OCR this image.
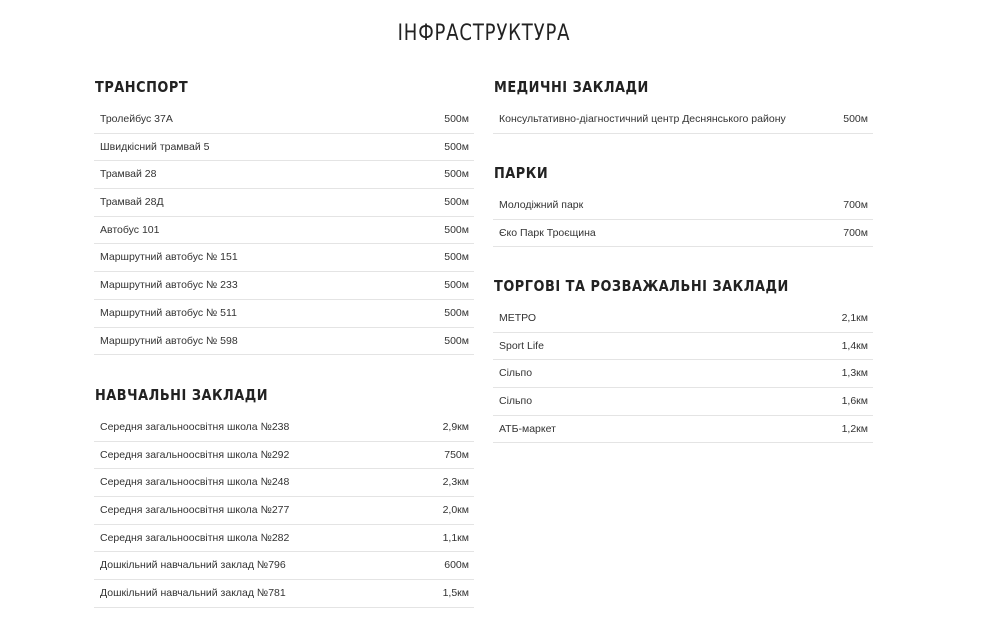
ІНФРАСТРУКТУРА
ТРАНСПОРТ
Тролейбус 37А	500м
Швидкісний трамвай 5	500м
Трамвай 28	500м
Трамвай 28Д	500м
Автобус 101	500м
Маршрутний автобус № 151	500м
Маршрутний автобус № 233	500м
Маршрутний автобус № 511	500м
Маршрутний автобус № 598	500м
НАВЧАЛЬНІ ЗАКЛАДИ
Середня загальноосвітня школа №238	2,9км
Середня загальноосвітня школа №292	750м
Середня загальноосвітня школа №248	2,3км
Середня загальноосвітня школа №277	2,0км
Середня загальноосвітня школа №282	1,1км
Дошкільний навчальний заклад №796	600м
Дошкільний навчальний заклад №781	1,5км
МЕДИЧНІ ЗАКЛАДИ
Консультативно-діагностичний центр Деснянського району	500м
ПАРКИ
Молодіжний парк	700м
Єко Парк Троєщина	700м
ТОРГОВІ ТА РОЗВАЖАЛЬНІ ЗАКЛАДИ
МЕТРО	2,1км
Sport Life	1,4км
Сільпо	1,3км
Сільпо	1,6км
АТБ-маркет	1,2км
